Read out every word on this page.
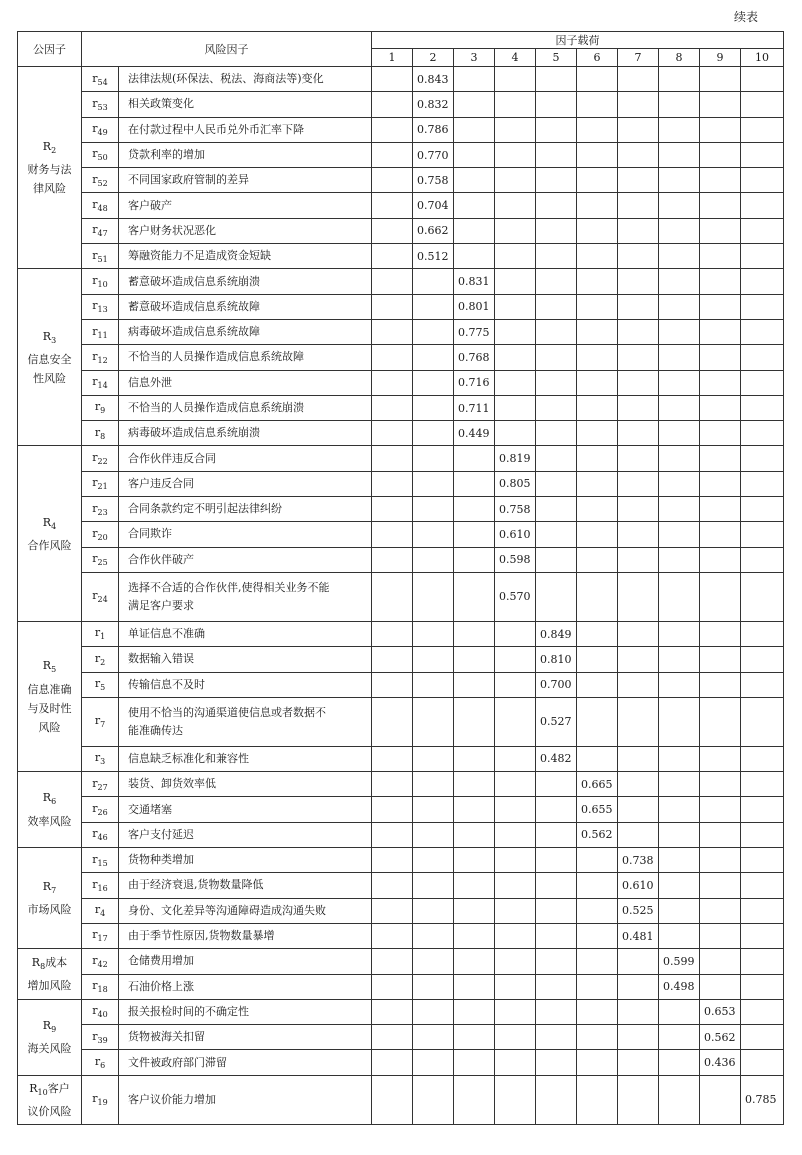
续表
公因子	风险因子		因子载荷									
			1	2	3	4	5	6	7	8	9	10
$R_2$
财务与法
律风险	$r_{54}$	法律法规(环保法、税法、海商法等)变化		0.843								
	$r_{53}$	相关政策变化		0.832								
	$r_{49}$	在付款过程中人民币兑外币汇率下降		0.786								
	$r_{50}$	贷款利率的增加		0.770								
	$r_{52}$	不同国家政府管制的差异		0.758								
	$r_{48}$	客户破产		0.704								
	$r_{47}$	客户财务状况恶化		0.662								
	$r_{51}$	筹融资能力不足造成资金短缺		0.512								
$R_3$
信息安全
性风险	$r_{10}$	蓄意破坏造成信息系统崩溃			0.831							
	$r_{13}$	蓄意破坏造成信息系统故障			0.801							
	$r_{11}$	病毒破坏造成信息系统故障			0.775							
	$r_{12}$	不恰当的人员操作造成信息系统故障			0.768							
	$r_{14}$	信息外泄			0.716							
	$r_9$	不恰当的人员操作造成信息系统崩溃			0.711							
	$r_8$	病毒破坏造成信息系统崩溃			0.449							
$R_4$
合作风险	$r_{22}$	合作伙伴违反合同				0.819						
	$r_{21}$	客户违反合同				0.805						
	$r_{23}$	合同条款约定不明引起法律纠纷				0.758						
	$r_{20}$	合同欺诈				0.610						
	$r_{25}$	合作伙伴破产				0.598						
	$r_{24}$	选择不合适的合作伙伴,使得相关业务不能
满足客户要求				0.570						
$R_5$
信息准确
与及时性
风险	$r_1$	单证信息不准确					0.849					
	$r_2$	数据输入错误					0.810					
	$r_5$	传输信息不及时					0.700					
	$r_7$	使用不恰当的沟通渠道使信息或者数据不
能准确传达					0.527					
	$r_3$	信息缺乏标准化和兼容性					0.482					
$R_6$
效率风险	$r_{27}$	装货、卸货效率低						0.665				
	$r_{26}$	交通堵塞						0.655				
	$r_{46}$	客户支付延迟						0.562				
$R_7$
市场风险	$r_{15}$	货物种类增加							0.738			
	$r_{16}$	由于经济衰退,货物数量降低							0.610			
	$r_4$	身份、文化差异等沟通障碍造成沟通失败							0.525			
	$r_{17}$	由于季节性原因,货物数量暴增							0.481			
$R_8$成本
增加风险	$r_{42}$	仓储费用增加								0.599		
	$r_{18}$	石油价格上涨								0.498		
$R_9$
海关风险	$r_{40}$	报关报检时间的不确定性									0.653	
	$r_{39}$	货物被海关扣留									0.562	
	$r_6$	文件被政府部门滞留									0.436	
$R_{10}$客户
议价风险	$r_{19}$	客户议价能力增加										0.785
